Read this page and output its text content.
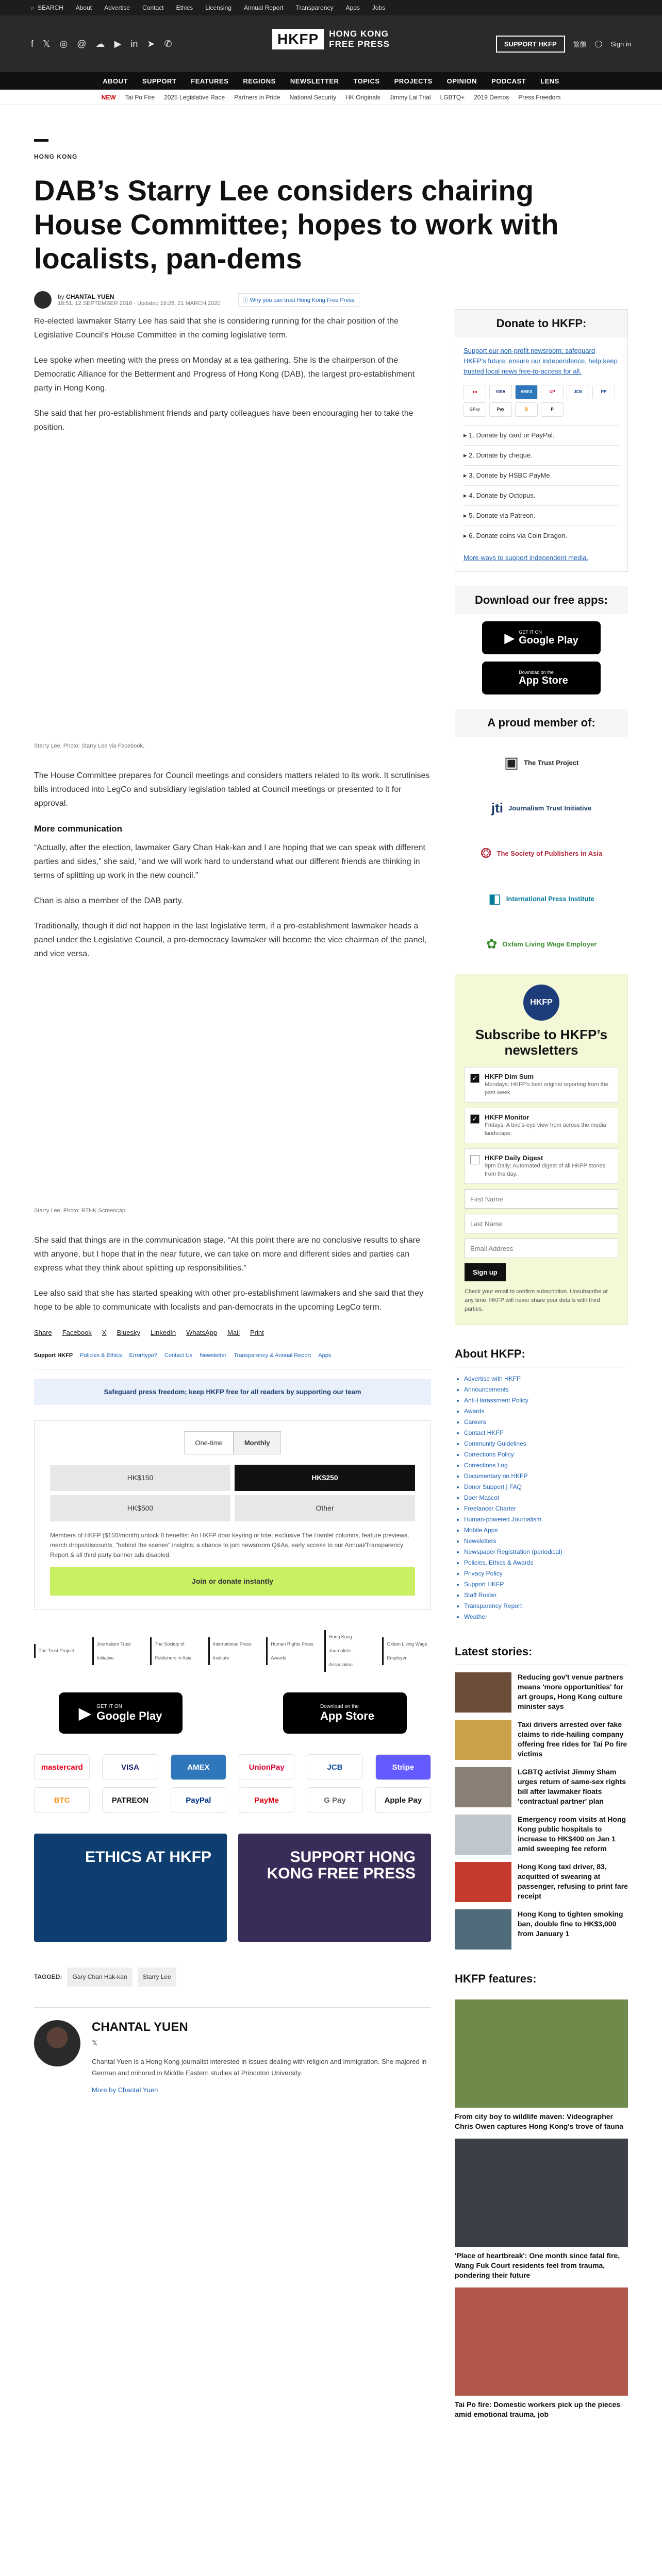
⌕ SEARCH About Advertise Contact Ethics Licensing Annual Report Transparency Apps Jobs
f 𝕏 ◎ @ ☁ ▶ in ➤ ✆	HKFP	HONG KONG
FREE PRESS	SUPPORT HKFP	繁體 ◯ Sign in
ABOUT SUPPORT FEATURES REGIONS NEWSLETTER TOPICS PROJECTS OPINION PODCAST LENS
NEW Tai Po Fire 2025 Legislative Race Partners in Pride National Security HK Originals Jimmy Lai Trial LGBTQ+ 2019 Demos Press Freedom
HONG KONG
DAB’s Starry Lee considers chairing House Committee; hopes to work with localists, pan-dems
by CHANTAL YUEN
18:51, 12 SEPTEMBER 2016 · Updated 19:26, 21 MARCH 2020	ⓘ Why you can trust Hong Kong Free Press

Re-elected lawmaker Starry Lee has said that she is considering running for the chair position of the Legislative Council’s House Committee in the coming legislative term.

Lee spoke when meeting with the press on Monday at a tea gathering. She is the chairperson of the Democratic Alliance for the Betterment and Progress of Hong Kong (DAB), the largest pro-establishment party in Hong Kong.

She said that her pro-establishment friends and party colleagues have been encouraging her to take the position.

Starry Lee. Photo: Starry Lee via Facebook.

The House Committee prepares for Council meetings and considers matters related to its work. It scrutinises bills introduced into LegCo and subsidiary legislation tabled at Council meetings or presented to it for approval.

More communication

“Actually, after the election, lawmaker Gary Chan Hak-kan and I are hoping that we can speak with different parties and sides,” she said, “and we will work hard to understand what our different friends are thinking in terms of splitting up work in the new council.”

Chan is also a member of the DAB party.

Traditionally, though it did not happen in the last legislative term, if a pro-establishment lawmaker heads a panel under the Legislative Council, a pro-democracy lawmaker will become the vice chairman of the panel, and vice versa.

Starry Lee. Photo: RTHK Screencap.

She said that things are in the communication stage. “At this point there are no conclusive results to share with anyone, but I hope that in the near future, we can take on more and different sides and parties can express what they think about splitting up responsibilities.”

Lee also said that she has started speaking with other pro-establishment lawmakers and she said that they hope to be able to communicate with localists and pan-democrats in the upcoming LegCo term.

Share Facebook X Bluesky LinkedIn WhatsApp Mail Print
Support HKFP Policies & Ethics Error/typo? Contact Us Newsletter Transparency & Annual Report Apps
Safeguard press freedom; keep HKFP free for all readers by supporting our team
One-time	Monthly
HK$150	HK$250
HK$500	Other
Members of HKFP ($150/month) unlock 8 benefits: An HKFP door keyring or tote; exclusive The Hamlet columns, feature previews, merch drops/discounts, "behind the scenes" insights; a chance to join newsroom Q&As, early access to our Annual/Transparency Report & all third party banner ads disabled.
Join or donate instantly
The Trust Project
Journalism Trust Initiative
The Society of Publishers in Asia
International Press Institute
Human Rights Press Awards
Hong Kong Journalists Association
Oxfam Living Wage Employer
▶ GET IT ON
Google Play
Download on the
App Store
mastercard	VISA	AMEX	UnionPay	JCB	Stripe
BTC	PATREON	PayPal	PayMe	G Pay	Apple Pay
ETHICS AT HKFP	SUPPORT HONG KONG FREE PRESS
TAGGED:	Gary Chan Hak-kan	Starry Lee
CHANTAL YUEN
𝕏
Chantal Yuen is a Hong Kong journalist interested in issues dealing with religion and immigration. She majored in German and minored in Middle Eastern studies at Princeton University.
More by Chantal Yuen
Donate to HKFP:
Support our non-profit newsroom: safeguard HKFP's future, ensure our independence, help keep trusted local news free-to-access for all.
●●	VISA	AMEX	UP	JCB	PP
GPay	Pay	₿	P
▸ 1. Donate by card or PayPal.
▸ 2. Donate by cheque.
▸ 3. Donate by HSBC PayMe.
▸ 4. Donate by Octopus.
▸ 5. Donate via Patreon.
▸ 6. Donate coins via Coin Dragon.
More ways to support independent media.
Download our free apps:
▶ GET IT ON
Google Play
Download on the
App Store
A proud member of:
▣ The Trust Project
jti Journalism Trust Initiative
❂ The Society of Publishers in Asia
◧ International Press Institute
✿ Oxfam Living Wage Employer
HKFP
Subscribe to HKFP’s newsletters
✓ HKFP Dim Sum
Mondays: HKFP's best original reporting from the past week.
✓ HKFP Monitor
Fridays: A bird's-eye view from across the media landscape.
HKFP Daily Digest
9pm Daily: Automated digest of all HKFP stories from the day.
First Name Last Name Email Address Sign up
Check your email to confirm subscription. Unsubscribe at any time. HKFP will never share your details with third parties.
About HKFP:
• Advertise with HKFP
• Announcements
• Anti-Harassment Policy
• Awards
• Careers
• Contact HKFP
• Community Guidelines
• Corrections Policy
• Corrections Log
• Documentary on HKFP
• Donor Support | FAQ
• Doer Mascot
• Freelancer Charter
• Human-powered Journalism
• Mobile Apps
• Newsletters
• Newspaper Registration (periodical)
• Policies, Ethics & Awards
• Privacy Policy
• Support HKFP
• Staff Roster
• Transparency Report
• Weather
Latest stories:
Reducing gov't venue partners means 'more opportunities' for art groups, Hong Kong culture minister says
Taxi drivers arrested over fake claims to ride-hailing company offering free rides for Tai Po fire victims
LGBTQ activist Jimmy Sham urges return of same-sex rights bill after lawmaker floats 'contractual partner' plan
Emergency room visits at Hong Kong public hospitals to increase to HK$400 on Jan 1 amid sweeping fee reform
Hong Kong taxi driver, 83, acquitted of swearing at passenger, refusing to print fare receipt
Hong Kong to tighten smoking ban, double fine to HK$3,000 from January 1
HKFP features:
From city boy to wildlife maven: Videographer Chris Owen captures Hong Kong's trove of fauna
'Place of heartbreak': One month since fatal fire, Wang Fuk Court residents feel from trauma, pondering their future
Tai Po fire: Domestic workers pick up the pieces amid emotional trauma, job
